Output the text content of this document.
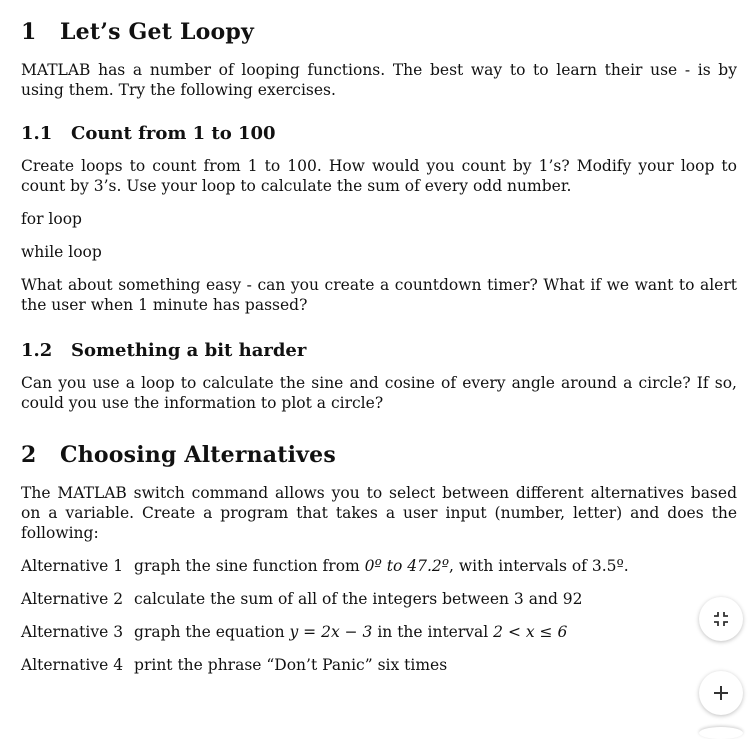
1 Let’s Get Loopy

MATLAB has a number of looping functions. The best way to to learn their use - is by using them. Try the following exercises.

1.1 Count from 1 to 100

Create loops to count from 1 to 100. How would you count by 1’s? Modify your loop to count by 3’s. Use your loop to calculate the sum of every odd number.

for loop

while loop

What about something easy - can you create a countdown timer? What if we want to alert the user when 1 minute has passed?

1.2 Something a bit harder

Can you use a loop to calculate the sine and cosine of every angle around a circle? If so, could you use the information to plot a circle?

2 Choosing Alternatives

The MATLAB switch command allows you to select between different alternatives based on a variable. Create a program that takes a user input (number, letter) and does the following:

Alternative 1 graph the sine function from 0º to 47.2º, with intervals of 3.5º.

Alternative 2 calculate the sum of all of the integers between 3 and 92

Alternative 3 graph the equation y = 2x − 3 in the interval 2 < x ≤ 6

Alternative 4 print the phrase “Don’t Panic” six times
